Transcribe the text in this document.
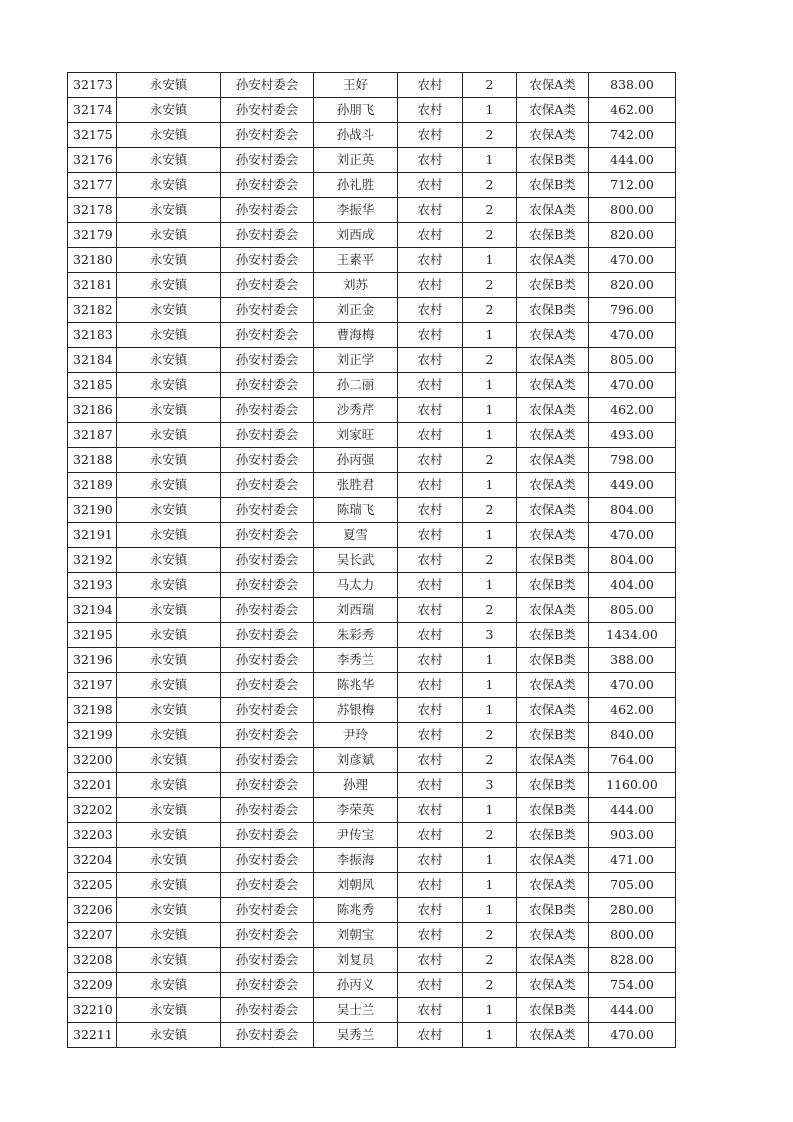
32173	永安镇	孙安村委会	王好	农村	2	农保A类	838.00
32174	永安镇	孙安村委会	孙朋飞	农村	1	农保A类	462.00
32175	永安镇	孙安村委会	孙战斗	农村	2	农保A类	742.00
32176	永安镇	孙安村委会	刘正英	农村	1	农保B类	444.00
32177	永安镇	孙安村委会	孙礼胜	农村	2	农保B类	712.00
32178	永安镇	孙安村委会	李振华	农村	2	农保A类	800.00
32179	永安镇	孙安村委会	刘西成	农村	2	农保B类	820.00
32180	永安镇	孙安村委会	王素平	农村	1	农保A类	470.00
32181	永安镇	孙安村委会	刘苏	农村	2	农保B类	820.00
32182	永安镇	孙安村委会	刘正金	农村	2	农保B类	796.00
32183	永安镇	孙安村委会	曹海梅	农村	1	农保A类	470.00
32184	永安镇	孙安村委会	刘正学	农村	2	农保A类	805.00
32185	永安镇	孙安村委会	孙二丽	农村	1	农保A类	470.00
32186	永安镇	孙安村委会	沙秀芹	农村	1	农保A类	462.00
32187	永安镇	孙安村委会	刘家旺	农村	1	农保A类	493.00
32188	永安镇	孙安村委会	孙丙强	农村	2	农保A类	798.00
32189	永安镇	孙安村委会	张胜君	农村	1	农保A类	449.00
32190	永安镇	孙安村委会	陈瑞飞	农村	2	农保A类	804.00
32191	永安镇	孙安村委会	夏雪	农村	1	农保A类	470.00
32192	永安镇	孙安村委会	吴长武	农村	2	农保B类	804.00
32193	永安镇	孙安村委会	马太力	农村	1	农保B类	404.00
32194	永安镇	孙安村委会	刘西瑞	农村	2	农保A类	805.00
32195	永安镇	孙安村委会	朱彩秀	农村	3	农保B类	1434.00
32196	永安镇	孙安村委会	李秀兰	农村	1	农保B类	388.00
32197	永安镇	孙安村委会	陈兆华	农村	1	农保A类	470.00
32198	永安镇	孙安村委会	苏银梅	农村	1	农保A类	462.00
32199	永安镇	孙安村委会	尹玲	农村	2	农保B类	840.00
32200	永安镇	孙安村委会	刘彦斌	农村	2	农保A类	764.00
32201	永安镇	孙安村委会	孙理	农村	3	农保B类	1160.00
32202	永安镇	孙安村委会	李荣英	农村	1	农保B类	444.00
32203	永安镇	孙安村委会	尹传宝	农村	2	农保B类	903.00
32204	永安镇	孙安村委会	李振海	农村	1	农保A类	471.00
32205	永安镇	孙安村委会	刘朝凤	农村	1	农保A类	705.00
32206	永安镇	孙安村委会	陈兆秀	农村	1	农保B类	280.00
32207	永安镇	孙安村委会	刘朝宝	农村	2	农保A类	800.00
32208	永安镇	孙安村委会	刘复员	农村	2	农保A类	828.00
32209	永安镇	孙安村委会	孙丙义	农村	2	农保A类	754.00
32210	永安镇	孙安村委会	吴士兰	农村	1	农保B类	444.00
32211	永安镇	孙安村委会	吴秀兰	农村	1	农保A类	470.00
